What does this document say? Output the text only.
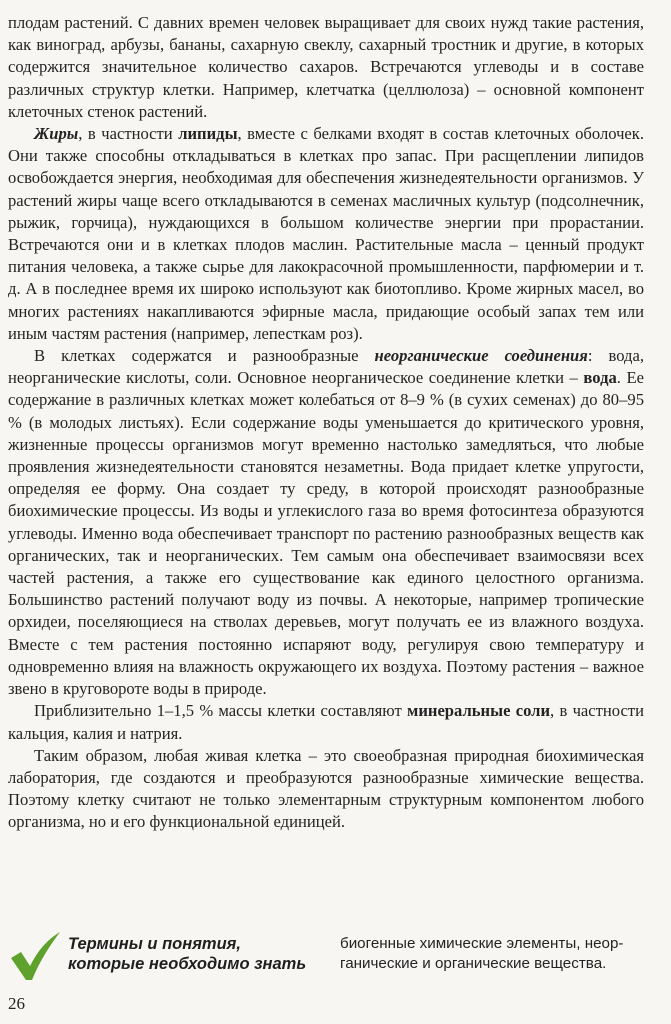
плодам растений. С давних времен человек выращивает для своих нужд такие растения, как виноград, арбузы, бананы, сахарную свеклу, сахарный тростник и другие, в которых содержится значительное количество сахаров. Встречаются углеводы и в составе различных структур клетки. Например, клетчатка (целлюлоза) – основной компонент клеточных стенок растений.

Жиры, в частности липиды, вместе с белками входят в состав клеточных оболочек. Они также способны откладываться в клетках про запас. При расщеплении липидов освобождается энергия, необходимая для обеспечения жизнедеятельности организмов. У растений жиры чаще всего откладываются в семенах масличных культур (подсолнечник, рыжик, горчица), нуждающихся в большом количестве энергии при прорастании. Встречаются они и в клетках плодов маслин. Растительные масла – ценный продукт питания человека, а также сырье для лакокрасочной промышленности, парфюмерии и т. д. А в последнее время их широко используют как биотопливо. Кроме жирных масел, во многих растениях накапливаются эфирные масла, придающие особый запах тем или иным частям растения (например, лепесткам роз).

В клетках содержатся и разнообразные неорганические соединения: вода, неорганические кислоты, соли. Основное неорганическое соединение клетки – вода. Ее содержание в различных клетках может колебаться от 8–9 % (в сухих семенах) до 80–95 % (в молодых листьях). Если содержание воды уменьшается до критического уровня, жизненные процессы организмов могут временно настолько замедляться, что любые проявления жизнедеятельности становятся незаметны. Вода придает клетке упругости, определяя ее форму. Она создает ту среду, в которой происходят разнообразные биохимические процессы. Из воды и углекислого газа во время фотосинтеза образуются углеводы. Именно вода обеспечивает транспорт по растению разнообразных веществ как органических, так и неорганических. Тем самым она обеспечивает взаимосвязи всех частей растения, а также его существование как единого целостного организма. Большинство растений получают воду из почвы. А некоторые, например тропические орхидеи, поселяющиеся на стволах деревьев, могут получать ее из влажного воздуха. Вместе с тем растения постоянно испаряют воду, регулируя свою температуру и одновременно влияя на влажность окружающего их воздуха. Поэтому растения – важное звено в круговороте воды в природе.

Приблизительно 1–1,5 % массы клетки составляют минеральные соли, в частности кальция, калия и натрия.

Таким образом, любая живая клетка – это своеобразная природная биохимическая лаборатория, где создаются и преобразуются разнообразные химические вещества. Поэтому клетку считают не только элементарным структурным компонентом любого организма, но и его функциональной единицей.

Термины и понятия,
которые необходимо знать
биогенные химические элементы, неор-
ганические и органические вещества.
26
